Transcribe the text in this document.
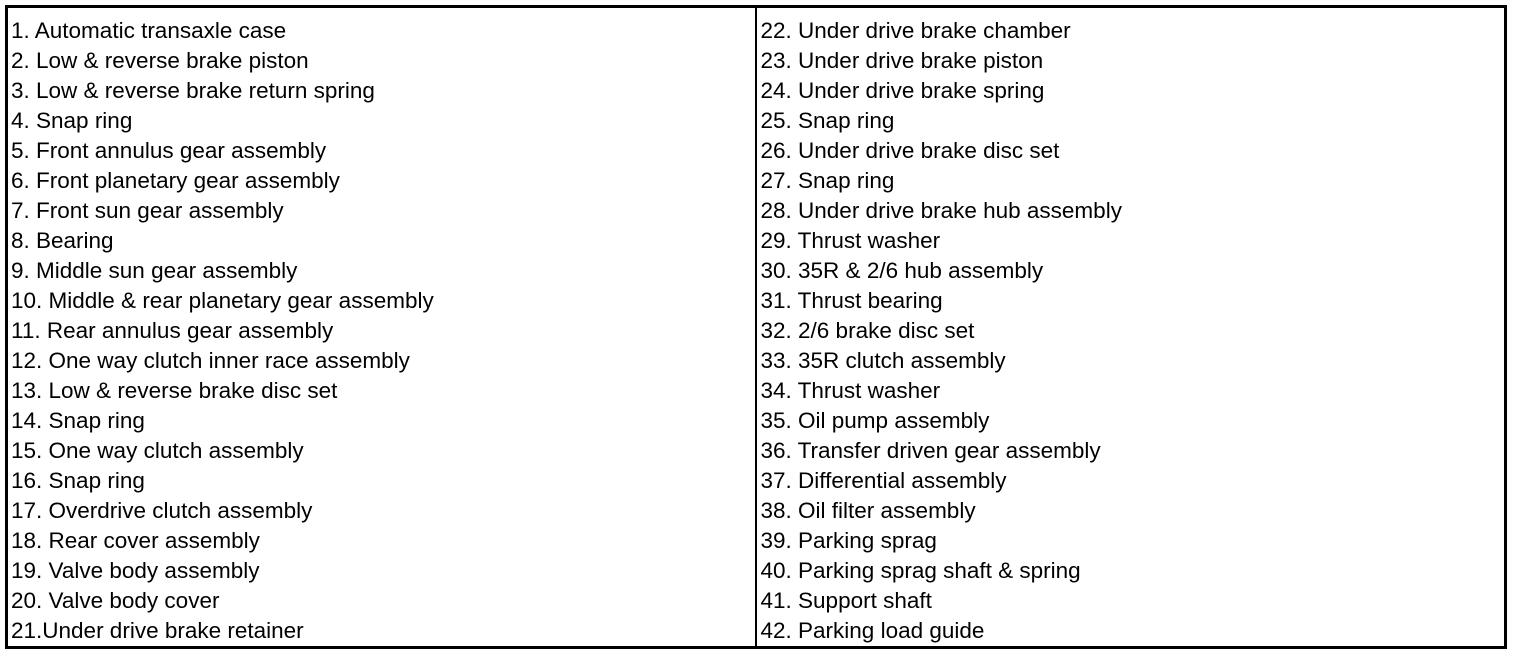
1. Automatic transaxle case
2. Low & reverse brake piston
3. Low & reverse brake return spring
4. Snap ring
5. Front annulus gear assembly
6. Front planetary gear assembly
7. Front sun gear assembly
8. Bearing
9. Middle sun gear assembly
10. Middle & rear planetary gear assembly
11. Rear annulus gear assembly
12. One way clutch inner race assembly
13. Low & reverse brake disc set
14. Snap ring
15. One way clutch assembly
16. Snap ring
17. Overdrive clutch assembly
18. Rear cover assembly
19. Valve body assembly
20. Valve body cover
21.Under drive brake retainer
22. Under drive brake chamber
23. Under drive brake piston
24. Under drive brake spring
25. Snap ring
26. Under drive brake disc set
27. Snap ring
28. Under drive brake hub assembly
29. Thrust washer
30. 35R & 2/6 hub assembly
31. Thrust bearing
32. 2/6 brake disc set
33. 35R clutch assembly
34. Thrust washer
35. Oil pump assembly
36. Transfer driven gear assembly
37. Differential assembly
38. Oil filter assembly
39. Parking sprag
40. Parking sprag shaft & spring
41. Support shaft
42. Parking load guide
